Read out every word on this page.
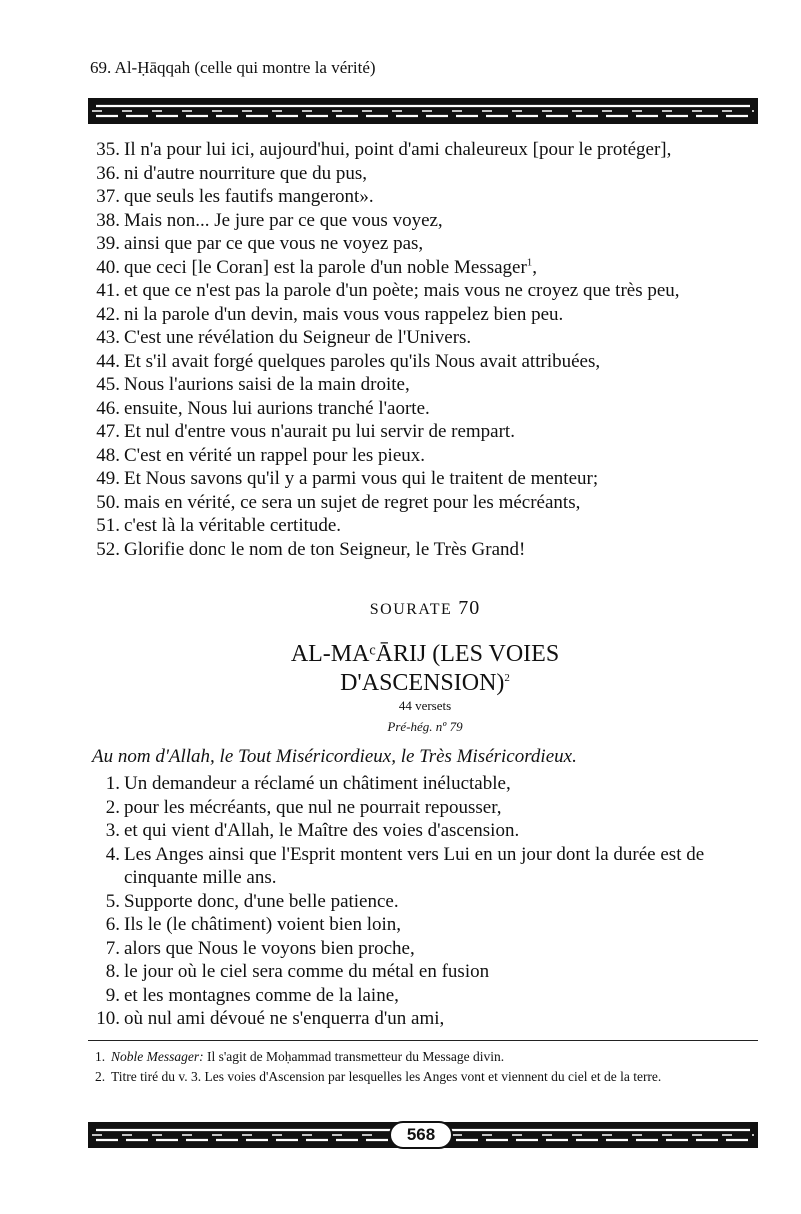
69. Al-Ḥāqqah (celle qui montre la vérité)
35. Il n'a pour lui ici, aujourd'hui, point d'ami chaleureux [pour le protéger],
36. ni d'autre nourriture que du pus,
37. que seuls les fautifs mangeront».
38. Mais non... Je jure par ce que vous voyez,
39. ainsi que par ce que vous ne voyez pas,
40. que ceci [le Coran] est la parole d'un noble Messager$^1$,
41. et que ce n'est pas la parole d'un poète; mais vous ne croyez que très peu,
42. ni la parole d'un devin, mais vous vous rappelez bien peu.
43. C'est une révélation du Seigneur de l'Univers.
44. Et s'il avait forgé quelques paroles qu'ils Nous avait attribuées,
45. Nous l'aurions saisi de la main droite,
46. ensuite, Nous lui aurions tranché l'aorte.
47. Et nul d'entre vous n'aurait pu lui servir de rempart.
48. C'est en vérité un rappel pour les pieux.
49. Et Nous savons qu'il y a parmi vous qui le traitent de menteur;
50. mais en vérité, ce sera un sujet de regret pour les mécréants,
51. c'est là la véritable certitude.
52. Glorifie donc le nom de ton Seigneur, le Très Grand!
SOURATE 70
AL-MAᶜĀRIJ (LES VOIES
D'ASCENSION)$^2$
44 versets
Pré-hég. nº 79
Au nom d'Allah, le Tout Miséricordieux, le Très Miséricordieux.
1. Un demandeur a réclamé un châtiment inéluctable,
2. pour les mécréants, que nul ne pourrait repousser,
3. et qui vient d'Allah, le Maître des voies d'ascension.
4. Les Anges ainsi que l'Esprit montent vers Lui en un jour dont la durée est de cinquante mille ans.
5. Supporte donc, d'une belle patience.
6. Ils le (le châtiment) voient bien loin,
7. alors que Nous le voyons bien proche,
8. le jour où le ciel sera comme du métal en fusion
9. et les montagnes comme de la laine,
10. où nul ami dévoué ne s'enquerra d'un ami,
1. Noble Messager: Il s'agit de Moḥammad transmetteur du Message divin.
2. Titre tiré du v. 3. Les voies d'Ascension par lesquelles les Anges vont et viennent du ciel et de la terre.
568
